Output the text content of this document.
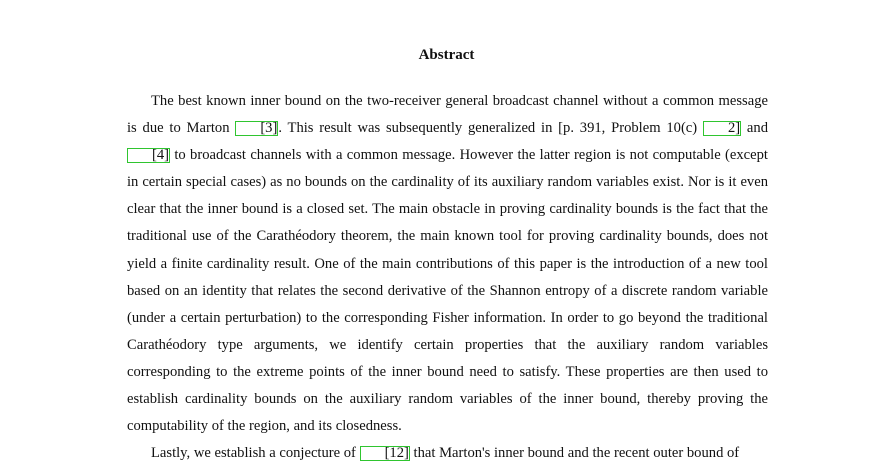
Abstract

The best known inner bound on the two-receiver general broadcast channel without a common message is due to Marton [3]. This result was subsequently generalized in [p. 391, Problem 10(c) 2] and [4] to broadcast channels with a common message. However the latter region is not computable (except in certain special cases) as no bounds on the cardinality of its auxiliary random variables exist. Nor is it even clear that the inner bound is a closed set. The main obstacle in proving cardinality bounds is the fact that the traditional use of the Carathéodory theorem, the main known tool for proving cardinality bounds, does not yield a finite cardinality result. One of the main contributions of this paper is the introduction of a new tool based on an identity that relates the second derivative of the Shannon entropy of a discrete random variable (under a certain perturbation) to the corresponding Fisher information. In order to go beyond the traditional Carathéodory type arguments, we identify certain properties that the auxiliary random variables corresponding to the extreme points of the inner bound need to satisfy. These properties are then used to establish cardinality bounds on the auxiliary random variables of the inner bound, thereby proving the computability of the region, and its closedness.

Lastly, we establish a conjecture of [12] that Marton's inner bound and the recent outer bound of
